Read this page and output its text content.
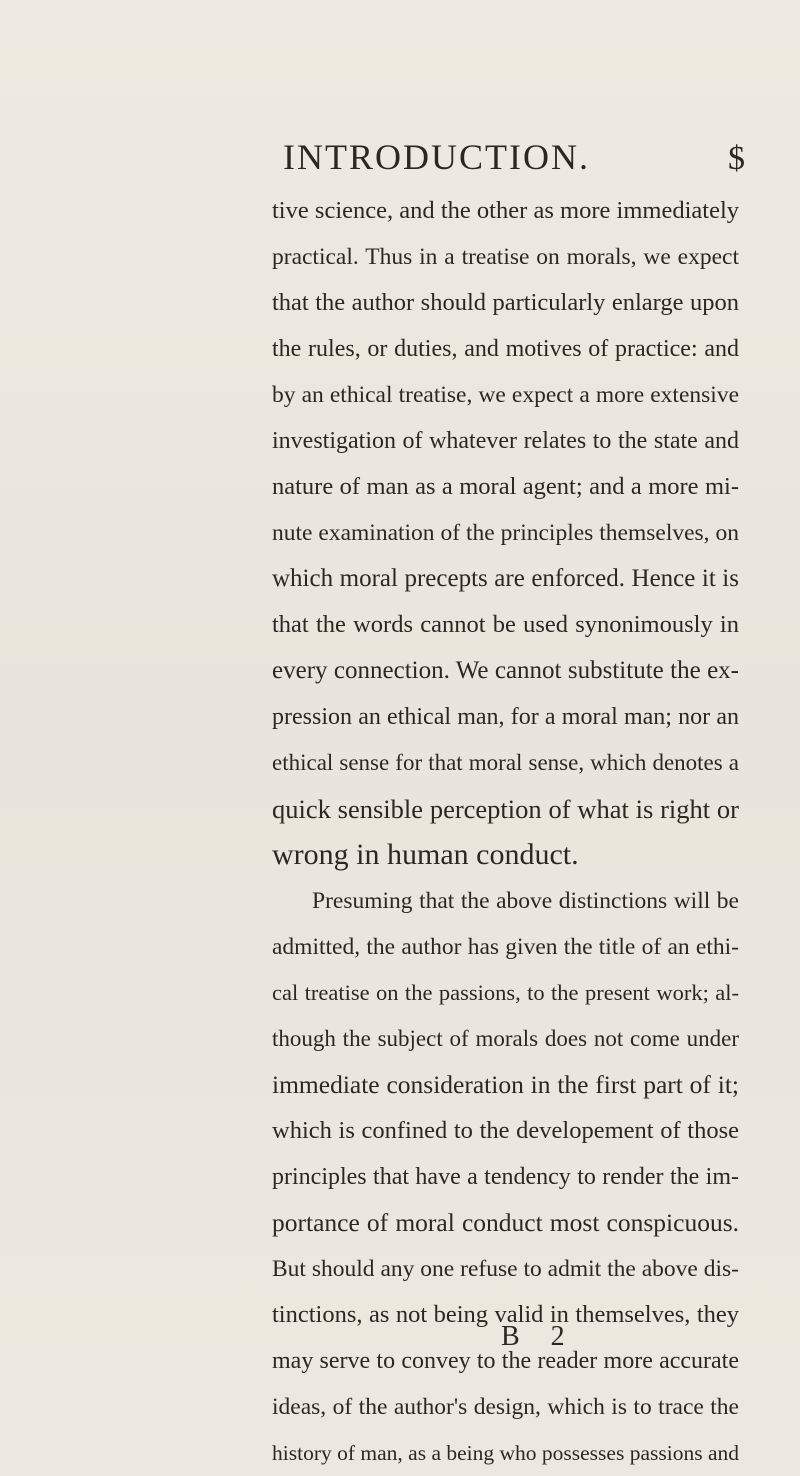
INTRODUCTION.	$
tive science, and the other as more immediately
practical. Thus in a treatise on morals, we expect
that the author should particularly enlarge upon
the rules, or duties, and motives of practice: and
by an ethical treatise, we expect a more extensive
investigation of whatever relates to the state and
nature of man as a moral agent; and a more mi-
nute examination of the principles themselves, on
which moral precepts are enforced. Hence it is
that the words cannot be used synonimously in
every connection. We cannot substitute the ex-
pression an ethical man, for a moral man; nor an
ethical sense for that moral sense, which denotes a
quick sensible perception of what is right or
wrong in human conduct.
Presuming that the above distinctions will be
admitted, the author has given the title of an ethi-
cal treatise on the passions, to the present work; al-
though the subject of morals does not come under
immediate consideration in the first part of it;
which is confined to the developement of those
principles that have a tendency to render the im-
portance of moral conduct most conspicuous.
But should any one refuse to admit the above dis-
tinctions, as not being valid in themselves, they
may serve to convey to the reader more accurate
ideas, of the author's design, which is to trace the
history of man, as a being who possesses passions and
B 2
